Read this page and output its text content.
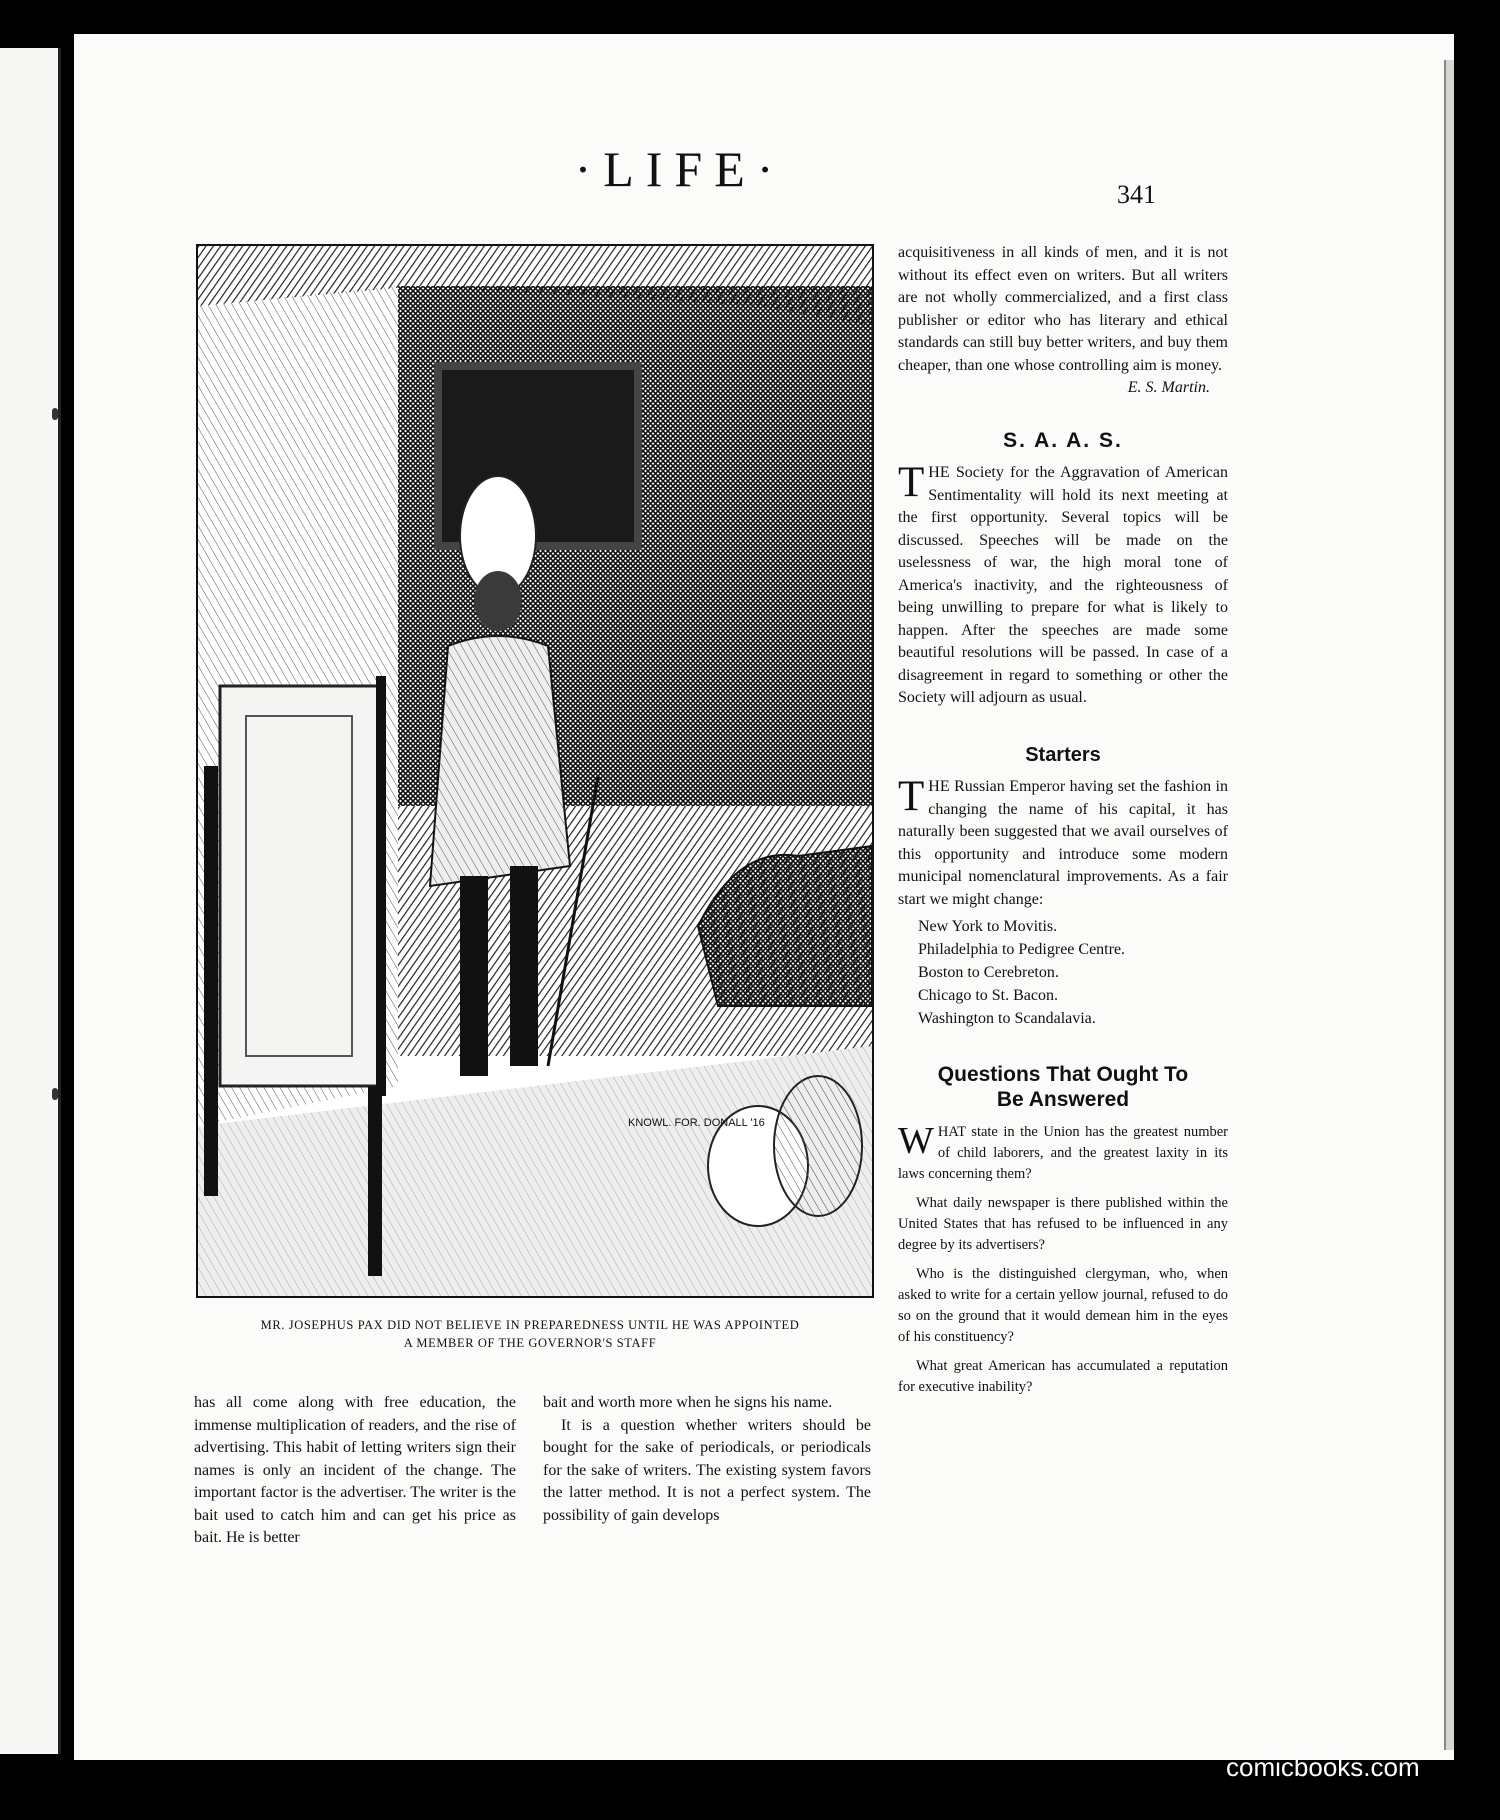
·LIFE·	341
KNOWL. FOR. DONALL '16
MR. JOSEPHUS PAX DID NOT BELIEVE IN PREPAREDNESS UNTIL HE WAS APPOINTED
A MEMBER OF THE GOVERNOR'S STAFF

has all come along with free education, the immense multiplication of readers, and the rise of advertising. This habit of letting writers sign their names is only an incident of the change. The important factor is the advertiser. The writer is the bait used to catch him and can get his price as bait. He is better

bait and worth more when he signs his name.

It is a question whether writers should be bought for the sake of periodicals, or periodicals for the sake of writers. The existing system favors the latter method. It is not a perfect system. The possibility of gain develops

acquisitiveness in all kinds of men, and it is not without its effect even on writers. But all writers are not wholly commercialized, and a first class publisher or editor who has literary and ethical standards can still buy better writers, and buy them cheaper, than one whose controlling aim is money.

E. S. Martin.

S. A. A. S.

THE Society for the Aggravation of American Sentimentality will hold its next meeting at the first opportunity. Several topics will be discussed. Speeches will be made on the uselessness of war, the high moral tone of America's inactivity, and the righteousness of being unwilling to prepare for what is likely to happen. After the speeches are made some beautiful resolutions will be passed. In case of a disagreement in regard to something or other the Society will adjourn as usual.

Starters

THE Russian Emperor having set the fashion in changing the name of his capital, it has naturally been suggested that we avail ourselves of this opportunity and introduce some modern municipal nomenclatural improvements. As a fair start we might change:

New York to Movitis.
Philadelphia to Pedigree Centre.
Boston to Cerebreton.
Chicago to St. Bacon.
Washington to Scandalavia.
Questions That Ought To
Be Answered

WHAT state in the Union has the greatest number of child laborers, and the greatest laxity in its laws concerning them?

What daily newspaper is there published within the United States that has refused to be influenced in any degree by its advertisers?

Who is the distinguished clergyman, who, when asked to write for a certain yellow journal, refused to do so on the ground that it would demean him in the eyes of his constituency?

What great American has accumulated a reputation for executive inability?

comicbooks.com
